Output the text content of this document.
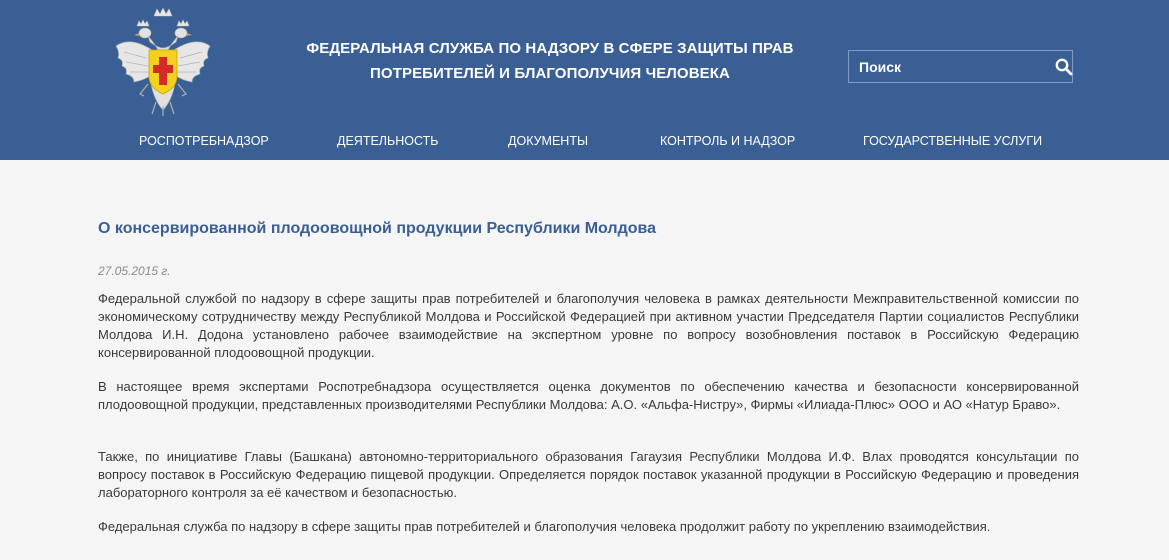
ФЕДЕРАЛЬНАЯ СЛУЖБА ПО НАДЗОРУ В СФЕРЕ ЗАЩИТЫ ПРАВ
ПОТРЕБИТЕЛЕЙ И БЛАГОПОЛУЧИЯ ЧЕЛОВЕКА
Поиск
РОСПОТРЕБНАДЗОР	ДЕЯТЕЛЬНОСТЬ	ДОКУМЕНТЫ	КОНТРОЛЬ И НАДЗОР	ГОСУДАРСТВЕННЫЕ УСЛУГИ
О консервированной плодоовощной продукции Республики Молдова
27.05.2015 г.

Федеральной службой по надзору в сфере защиты прав потребителей и благополучия человека в рамках деятельности Межправительственной комиссии по экономическому сотрудничеству между Республикой Молдова и Российской Федерацией при активном участии Председателя Партии социалистов Республики Молдова И.Н. Додона установлено рабочее взаимодействие на экспертном уровне по вопросу возобновления поставок в Российскую Федерацию консервированной плодоовощной продукции.

В настоящее время экспертами Роспотребнадзора осуществляется оценка документов по обеспечению качества и безопасности консервированной плодоовощной продукции, представленных производителями Республики Молдова: А.О. «Альфа-Нистру», Фирмы «Илиада-Плюс» ООО и АО «Натур Браво».

Также, по инициативе Главы (Башкана) автономно-территориального образования Гагаузия Республики Молдова И.Ф. Влах проводятся консультации по вопросу поставок в Российскую Федерацию пищевой продукции. Определяется порядок поставок указанной продукции в Российскую Федерацию и проведения лабораторного контроля за её качеством и безопасностью.

Федеральная служба по надзору в сфере защиты прав потребителей и благополучия человека продолжит работу по укреплению взаимодействия.
